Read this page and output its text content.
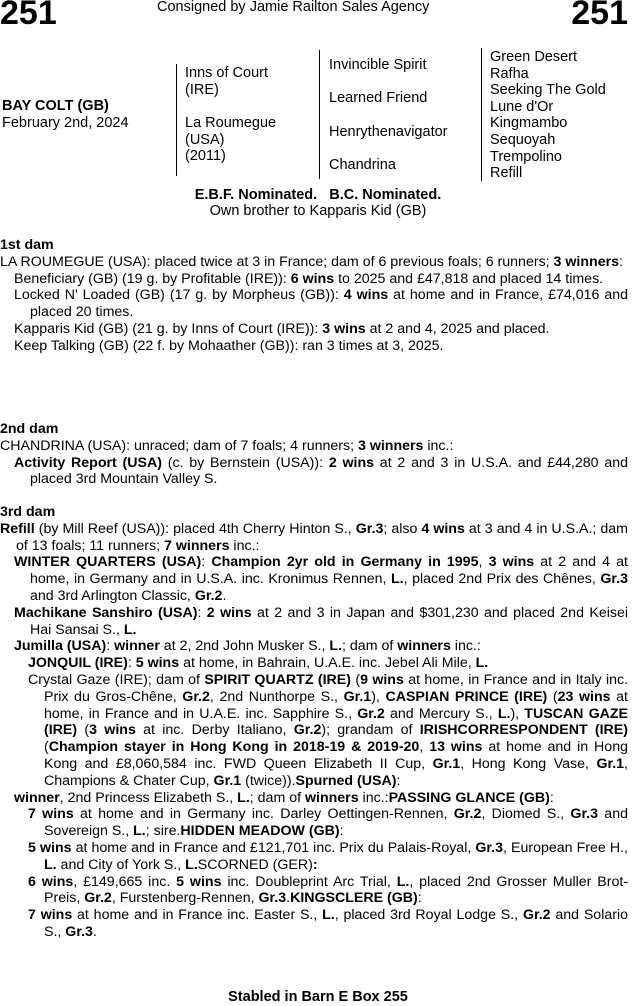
251	251
Consigned by Jamie Railton Sales Agency
BAY COLT (GB)
February 2nd, 2024
Inns of Court
(IRE)
La Roumegue
(USA)
(2011)
Invincible Spirit
Learned Friend
Henrythenavigator
Chandrina
Green Desert
Rafha
Seeking The Gold
Lune d'Or
Kingmambo
Sequoyah
Trempolino
Refill
E.B.F. Nominated.   B.C. Nominated.
Own brother to Kapparis Kid (GB)

1st dam

LA ROUMEGUE (USA): placed twice at 3 in France; dam of 6 previous foals; 6 runners; 3 winners:

Beneficiary (GB) (19 g. by Profitable (IRE)): 6 wins to 2025 and £47,818 and placed 14 times.

Locked N' Loaded (GB) (17 g. by Morpheus (GB)): 4 wins at home and in France, £74,016 and placed 20 times.

Kapparis Kid (GB) (21 g. by Inns of Court (IRE)): 3 wins at 2 and 4, 2025 and placed.

Keep Talking (GB) (22 f. by Mohaather (GB)): ran 3 times at 3, 2025.

2nd dam

CHANDRINA (USA): unraced; dam of 7 foals; 4 runners; 3 winners inc.:

Activity Report (USA) (c. by Bernstein (USA)): 2 wins at 2 and 3 in U.S.A. and £44,280 and placed 3rd Mountain Valley S.

3rd dam

Refill (by Mill Reef (USA)): placed 4th Cherry Hinton S., Gr.3; also 4 wins at 3 and 4 in U.S.A.; dam of 13 foals; 11 runners; 7 winners inc.:

WINTER QUARTERS (USA): Champion 2yr old in Germany in 1995, 3 wins at 2 and 4 at home, in Germany and in U.S.A. inc. Kronimus Rennen, L., placed 2nd Prix des Chênes, Gr.3 and 3rd Arlington Classic, Gr.2.

Machikane Sanshiro (USA): 2 wins at 2 and 3 in Japan and $301,230 and placed 2nd Keisei Hai Sansai S., L.

Jumilla (USA): winner at 2, 2nd John Musker S., L.; dam of winners inc.:

JONQUIL (IRE): 5 wins at home, in Bahrain, U.A.E. inc. Jebel Ali Mile, L.

Crystal Gaze (IRE); dam of SPIRIT QUARTZ (IRE) (9 wins at home, in France and in Italy inc. Prix du Gros-Chêne, Gr.2, 2nd Nunthorpe S., Gr.1), CASPIAN PRINCE (IRE) (23 wins at home, in France and in U.A.E. inc. Sapphire S., Gr.2 and Mercury S., L.), TUSCAN GAZE (IRE) (3 wins at inc. Derby Italiano, Gr.2); grandam of IRISHCORRESPONDENT (IRE) (Champion stayer in Hong Kong in 2018-19 & 2019-20, 13 wins at home and in Hong Kong and £8,060,584 inc. FWD Queen Elizabeth II Cup, Gr.1, Hong Kong Vase, Gr.1, Champions & Chater Cup, Gr.1 (twice)).Spurned (USA):

winner, 2nd Princess Elizabeth S., L.; dam of winners inc.:PASSING GLANCE (GB):

7 wins at home and in Germany inc. Darley Oettingen-Rennen, Gr.2, Diomed S., Gr.3 and Sovereign S., L.; sire.HIDDEN MEADOW (GB):

5 wins at home and in France and £121,701 inc. Prix du Palais-Royal, Gr.3, European Free H., L. and City of York S., L.SCORNED (GER):

6 wins, £149,665 inc. 5 wins inc. Doubleprint Arc Trial, L., placed 2nd Grosser Muller Brot-Preis, Gr.2, Furstenberg-Rennen, Gr.3.KINGSCLERE (GB):

7 wins at home and in France inc. Easter S., L., placed 3rd Royal Lodge S., Gr.2 and Solario S., Gr.3.

Stabled in Barn E Box 255
